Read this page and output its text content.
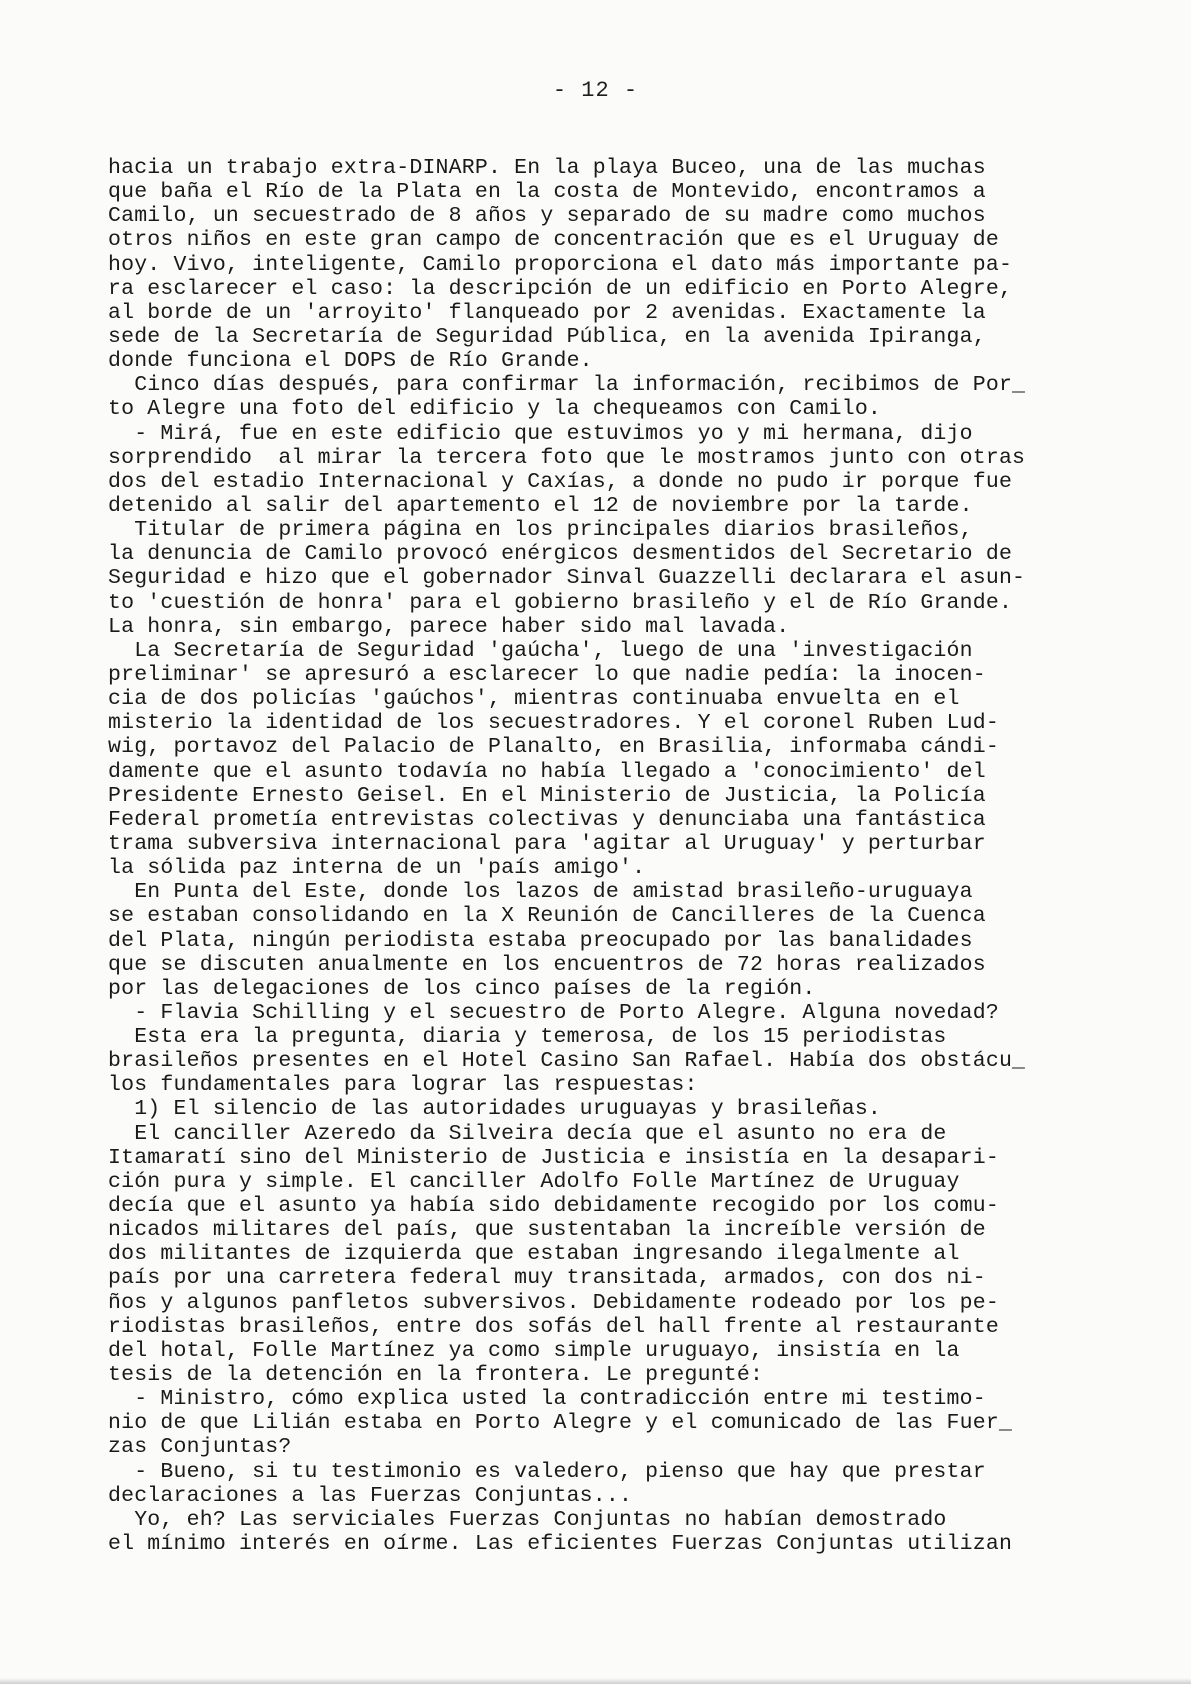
- 12 -
hacia un trabajo extra-DINARP. En la playa Buceo, una de las muchas
que baña el Río de la Plata en la costa de Montevido, encontramos a
Camilo, un secuestrado de 8 años y separado de su madre como muchos
otros niños en este gran campo de concentración que es el Uruguay de
hoy. Vivo, inteligente, Camilo proporciona el dato más importante pa-
ra esclarecer el caso: la descripción de un edificio en Porto Alegre,
al borde de un 'arroyito' flanqueado por 2 avenidas. Exactamente la
sede de la Secretaría de Seguridad Pública, en la avenida Ipiranga,
donde funciona el DOPS de Río Grande.
Cinco días después, para confirmar la información, recibimos de Por_
to Alegre una foto del edificio y la chequeamos con Camilo.
- Mirá, fue en este edificio que estuvimos yo y mi hermana, dijo
sorprendido  al mirar la tercera foto que le mostramos junto con otras
dos del estadio Internacional y Caxías, a donde no pudo ir porque fue
detenido al salir del apartemento el 12 de noviembre por la tarde.
Titular de primera página en los principales diarios brasileños,
la denuncia de Camilo provocó enérgicos desmentidos del Secretario de
Seguridad e hizo que el gobernador Sinval Guazzelli declarara el asun-
to 'cuestión de honra' para el gobierno brasileño y el de Río Grande.
La honra, sin embargo, parece haber sido mal lavada.
La Secretaría de Seguridad 'gaúcha', luego de una 'investigación
preliminar' se apresuró a esclarecer lo que nadie pedía: la inocen-
cia de dos policías 'gaúchos', mientras continuaba envuelta en el
misterio la identidad de los secuestradores. Y el coronel Ruben Lud-
wig, portavoz del Palacio de Planalto, en Brasilia, informaba cándi-
damente que el asunto todavía no había llegado a 'conocimiento' del
Presidente Ernesto Geisel. En el Ministerio de Justicia, la Policía
Federal prometía entrevistas colectivas y denunciaba una fantástica
trama subversiva internacional para 'agitar al Uruguay' y perturbar
la sólida paz interna de un 'país amigo'.
En Punta del Este, donde los lazos de amistad brasileño-uruguaya
se estaban consolidando en la X Reunión de Cancilleres de la Cuenca
del Plata, ningún periodista estaba preocupado por las banalidades
que se discuten anualmente en los encuentros de 72 horas realizados
por las delegaciones de los cinco países de la región.
- Flavia Schilling y el secuestro de Porto Alegre. Alguna novedad?
Esta era la pregunta, diaria y temerosa, de los 15 periodistas
brasileños presentes en el Hotel Casino San Rafael. Había dos obstácu_
los fundamentales para lograr las respuestas:
1) El silencio de las autoridades uruguayas y brasileñas.
El canciller Azeredo da Silveira decía que el asunto no era de
Itamaratí sino del Ministerio de Justicia e insistía en la desapari-
ción pura y simple. El canciller Adolfo Folle Martínez de Uruguay
decía que el asunto ya había sido debidamente recogido por los comu-
nicados militares del país, que sustentaban la increíble versión de
dos militantes de izquierda que estaban ingresando ilegalmente al
país por una carretera federal muy transitada, armados, con dos ni-
ños y algunos panfletos subversivos. Debidamente rodeado por los pe-
riodistas brasileños, entre dos sofás del hall frente al restaurante
del hotal, Folle Martínez ya como simple uruguayo, insistía en la
tesis de la detención en la frontera. Le pregunté:
- Ministro, cómo explica usted la contradicción entre mi testimo-
nio de que Lilián estaba en Porto Alegre y el comunicado de las Fuer_
zas Conjuntas?
- Bueno, si tu testimonio es valedero, pienso que hay que prestar
declaraciones a las Fuerzas Conjuntas...
Yo, eh? Las serviciales Fuerzas Conjuntas no habían demostrado
el mínimo interés en oírme. Las eficientes Fuerzas Conjuntas utilizan
